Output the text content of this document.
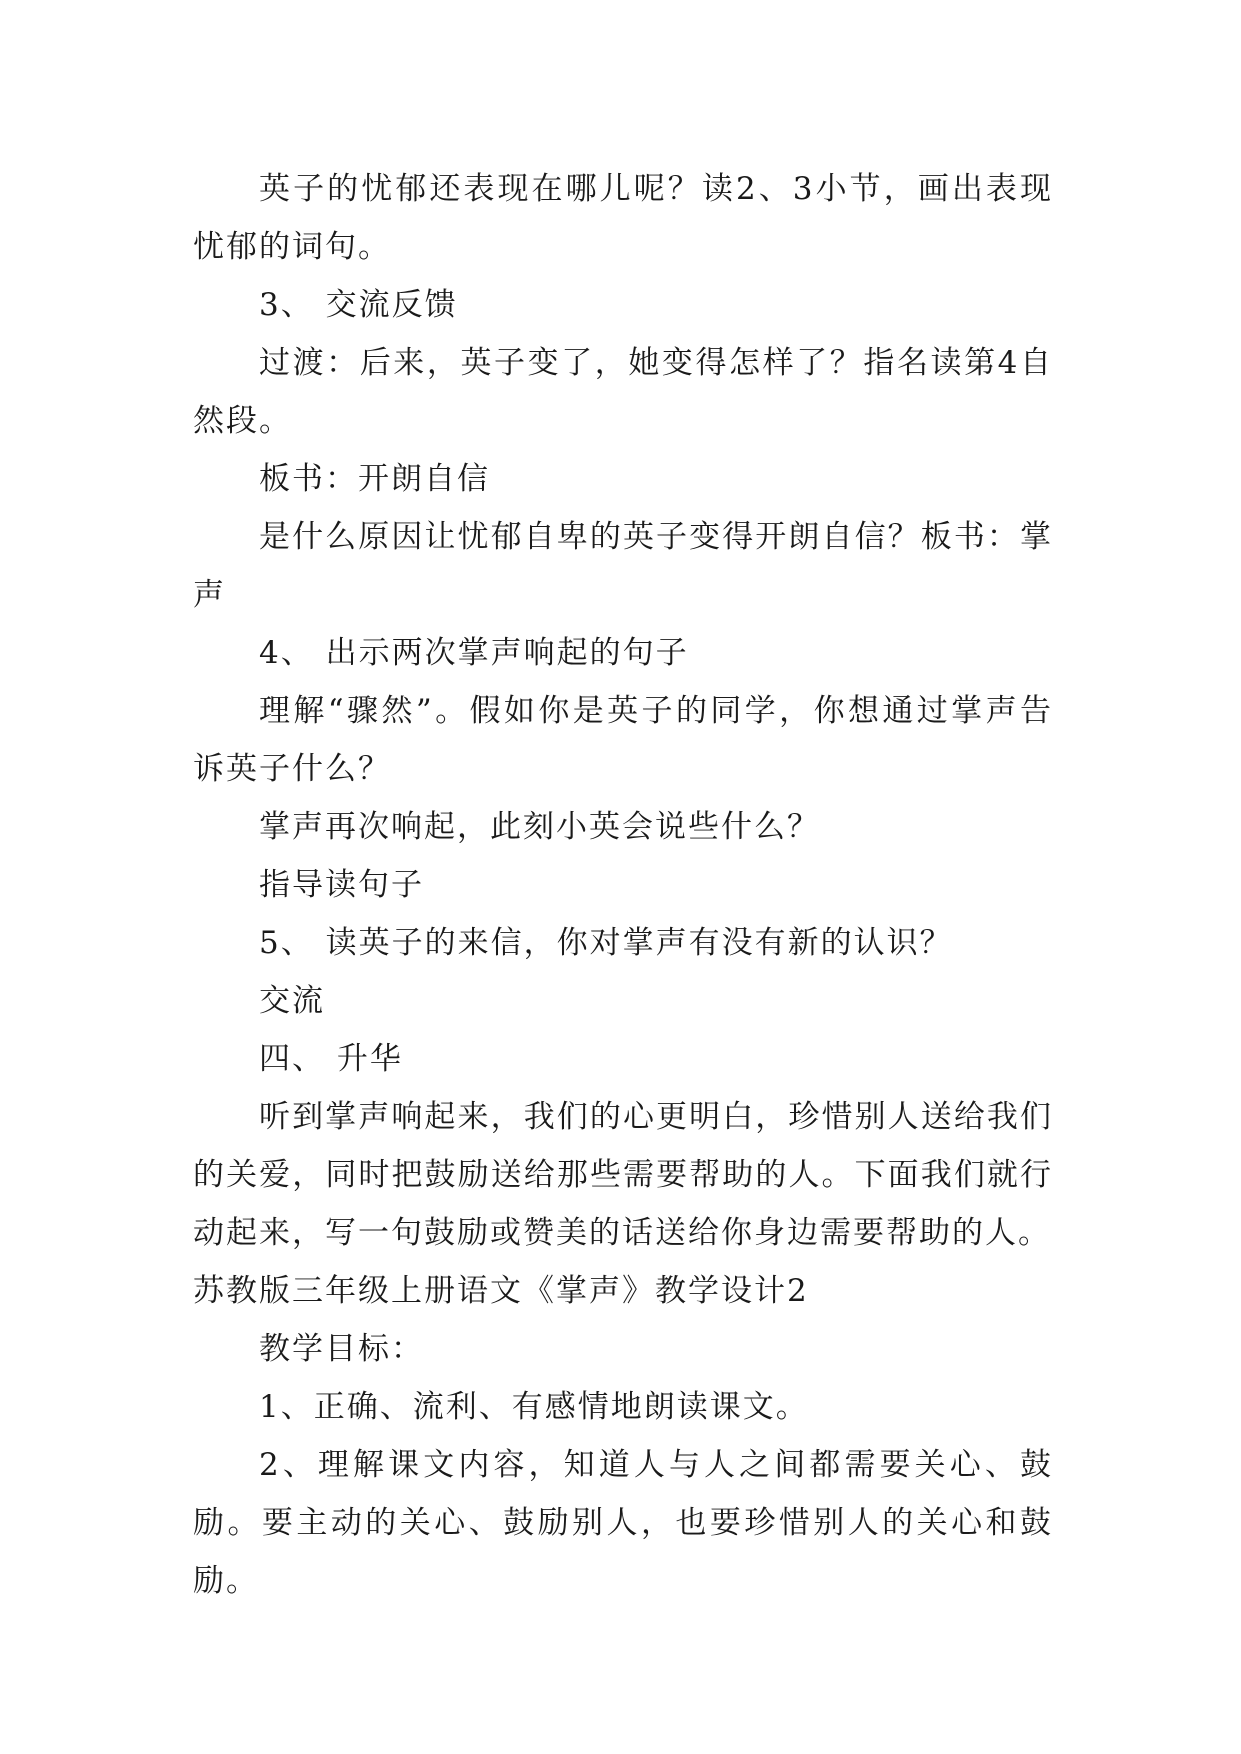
英子的忧郁还表现在哪儿呢？读2、3小节，画出表现忧郁的词句。

3、 交流反馈

过渡：后来，英子变了，她变得怎样了？指名读第4自然段。

板书：开朗自信

是什么原因让忧郁自卑的英子变得开朗自信？板书：掌声

4、 出示两次掌声响起的句子

理解“骤然”。假如你是英子的同学，你想通过掌声告诉英子什么？

掌声再次响起，此刻小英会说些什么？

指导读句子

5、 读英子的来信，你对掌声有没有新的认识？

交流

四、 升华

听到掌声响起来，我们的心更明白，珍惜别人送给我们的关爱，同时把鼓励送给那些需要帮助的人。下面我们就行动起来，写一句鼓励或赞美的话送给你身边需要帮助的人。

苏教版三年级上册语文《掌声》教学设计2

教学目标：

1、正确、流利、有感情地朗读课文。

2、理解课文内容，知道人与人之间都需要关心、鼓励。要主动的关心、鼓励别人，也要珍惜别人的关心和鼓励。
